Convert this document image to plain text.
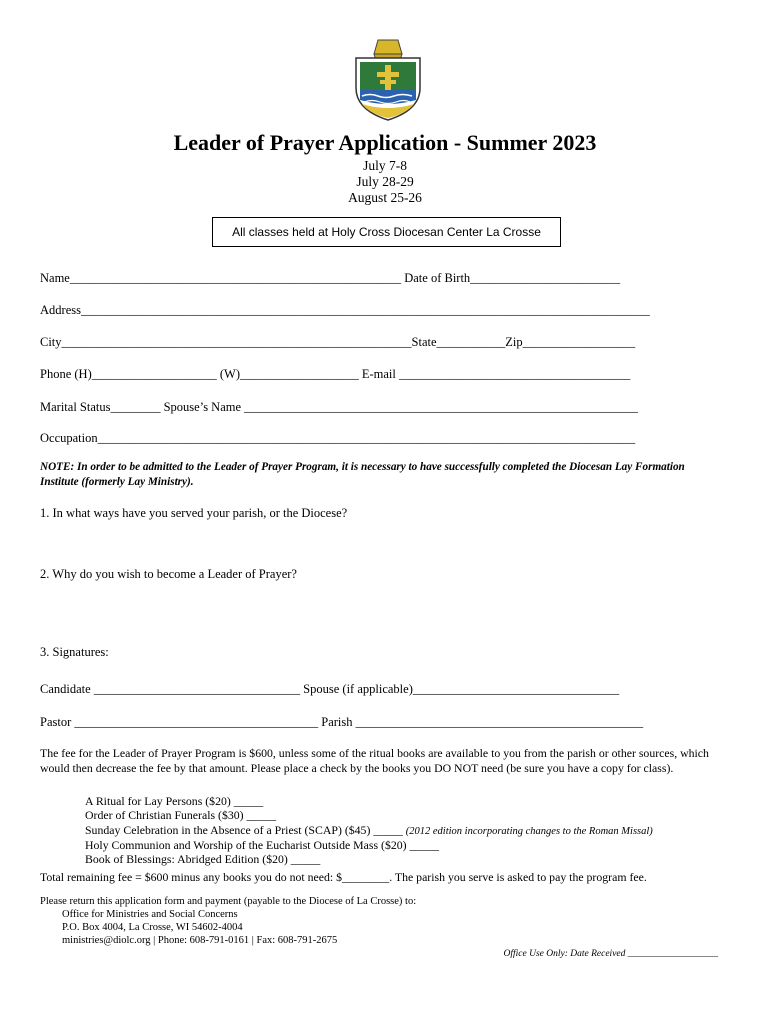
Leader of Prayer Application - Summer 2023
July 7-8
July 28-29
August 25-26
All classes held at Holy Cross Diocesan Center La Crosse
Name_____________________________________________________ Date of Birth________________________
Address___________________________________________________________________________________________
City________________________________________________________State___________Zip__________________
Phone (H)____________________ (W)___________________ E-mail _____________________________________
Marital Status________ Spouse’s Name _______________________________________________________________
Occupation______________________________________________________________________________________
NOTE: In order to be admitted to the Leader of Prayer Program, it is necessary to have successfully completed the Diocesan Lay Formation Institute (formerly Lay Ministry).
1. In what ways have you served your parish, or the Diocese?
2. Why do you wish to become a Leader of Prayer?
3. Signatures:
Candidate _________________________________ Spouse (if applicable)_________________________________
Pastor _______________________________________ Parish ______________________________________________
The fee for the Leader of Prayer Program is $600, unless some of the ritual books are available to you from the parish or other sources, which would then decrease the fee by that amount. Please place a check by the books you DO NOT need (be sure you have a copy for class).
A Ritual for Lay Persons ($20) _____
Order of Christian Funerals ($30) _____
Sunday Celebration in the Absence of a Priest (SCAP) ($45) _____ (2012 edition incorporating changes to the Roman Missal)
Holy Communion and Worship of the Eucharist Outside Mass ($20) _____
Book of Blessings: Abridged Edition ($20) _____
Total remaining fee = $600 minus any books you do not need: $________. The parish you serve is asked to pay the program fee.
Please return this application form and payment (payable to the Diocese of La Crosse) to:
Office for Ministries and Social Concerns
P.O. Box 4004, La Crosse, WI 54602-4004
ministries@diolc.org | Phone: 608-791-0161 | Fax: 608-791-2675
Office Use Only: Date Received ___________________
